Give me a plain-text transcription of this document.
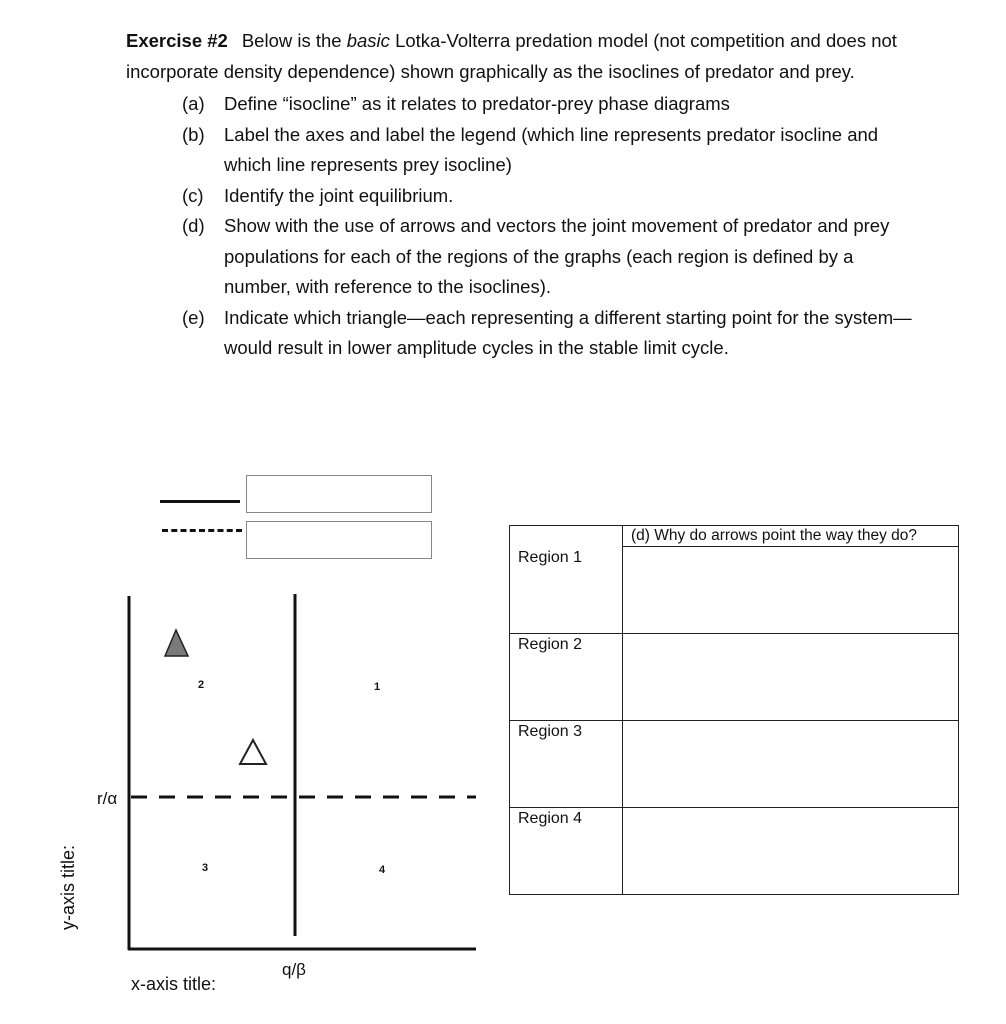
Exercise #2 Below is the basic Lotka-Volterra predation model (not competition and does not incorporate density dependence) shown graphically as the isoclines of predator and prey.

(a) Define “isocline” as it relates to predator-prey phase diagrams
(b) Label the axes and label the legend (which line represents predator isocline and which line represents prey isocline)
(c) Identify the joint equilibrium.
(d) Show with the use of arrows and vectors the joint movement of predator and prey populations for each of the regions of the graphs (each region is defined by a number, with reference to the isoclines).
(e) Indicate which triangle—each representing a different starting point for the system—would result in lower amplitude cycles in the stable limit cycle.
r/α
q/β
x-axis title:
y-axis title:
1
2
3	4
	(d) Why do arrows point the way they do?
Region 1	
Region 2	
Region 3	
Region 4	
